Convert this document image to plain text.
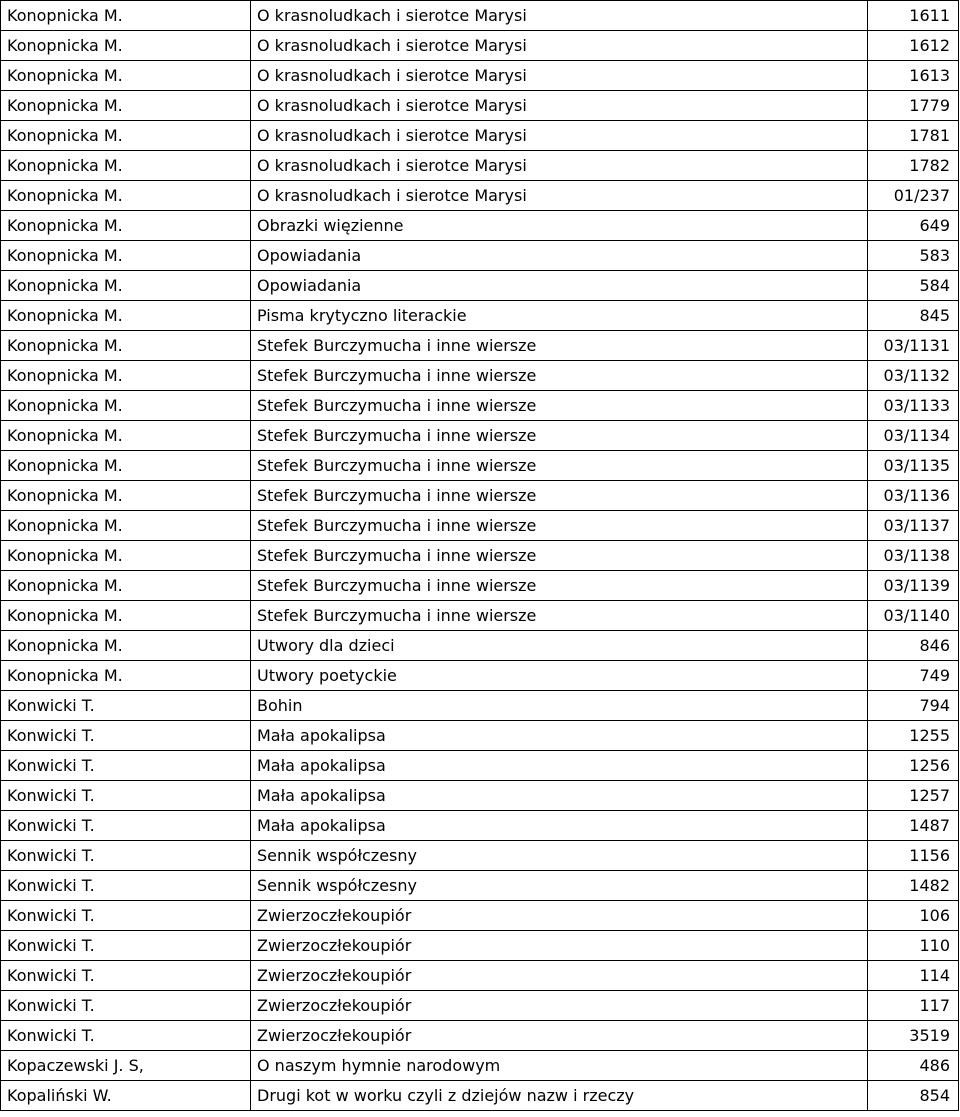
Konopnicka M.	O krasnoludkach i sierotce Marysi	1611
Konopnicka M.	O krasnoludkach i sierotce Marysi	1612
Konopnicka M.	O krasnoludkach i sierotce Marysi	1613
Konopnicka M.	O krasnoludkach i sierotce Marysi	1779
Konopnicka M.	O krasnoludkach i sierotce Marysi	1781
Konopnicka M.	O krasnoludkach i sierotce Marysi	1782
Konopnicka M.	O krasnoludkach i sierotce Marysi	01/237
Konopnicka M.	Obrazki więzienne	649
Konopnicka M.	Opowiadania	583
Konopnicka M.	Opowiadania	584
Konopnicka M.	Pisma krytyczno literackie	845
Konopnicka M.	Stefek Burczymucha i inne wiersze	03/1131
Konopnicka M.	Stefek Burczymucha i inne wiersze	03/1132
Konopnicka M.	Stefek Burczymucha i inne wiersze	03/1133
Konopnicka M.	Stefek Burczymucha i inne wiersze	03/1134
Konopnicka M.	Stefek Burczymucha i inne wiersze	03/1135
Konopnicka M.	Stefek Burczymucha i inne wiersze	03/1136
Konopnicka M.	Stefek Burczymucha i inne wiersze	03/1137
Konopnicka M.	Stefek Burczymucha i inne wiersze	03/1138
Konopnicka M.	Stefek Burczymucha i inne wiersze	03/1139
Konopnicka M.	Stefek Burczymucha i inne wiersze	03/1140
Konopnicka M.	Utwory dla dzieci	846
Konopnicka M.	Utwory poetyckie	749
Konwicki T.	Bohin	794
Konwicki T.	Mała apokalipsa	1255
Konwicki T.	Mała apokalipsa	1256
Konwicki T.	Mała apokalipsa	1257
Konwicki T.	Mała apokalipsa	1487
Konwicki T.	Sennik współczesny	1156
Konwicki T.	Sennik współczesny	1482
Konwicki T.	Zwierzoczłekoupiór	106
Konwicki T.	Zwierzoczłekoupiór	110
Konwicki T.	Zwierzoczłekoupiór	114
Konwicki T.	Zwierzoczłekoupiór	117
Konwicki T.	Zwierzoczłekoupiór	3519
Kopaczewski J. S,	O naszym hymnie narodowym	486
Kopaliński W.	Drugi kot w worku czyli z dziejów nazw i rzeczy	854
